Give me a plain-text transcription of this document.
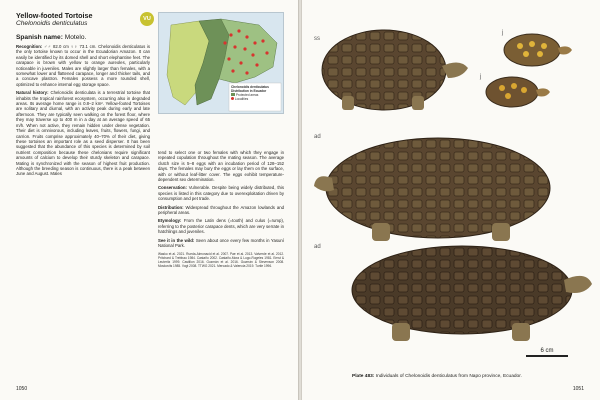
Yellow-footed Tortoise
Chelonoidis denticulatus
Spanish name: Motelo.
VU
Chelonoidis denticulatus Distribution in Ecuador
Protected areas
Localities

Recognition: ♂♂ 82.0 cm ♀♀ 73.1 cm. Chelonoidis denticulatus is the only tortoise known to occur in the Ecuadorian Amazon. It can easily be identified by its domed shell and short elephantine feet. The carapace is brown with yellow to orange aureoles, particularly noticeable in juveniles. Males are slightly larger than females, with a somewhat lower and flattened carapace, longer and thicker tails, and a concave plastron. Females possess a more rounded shell, optimized to enhance internal egg storage space.

Natural history: Chelonoidis denticulata is a terrestrial tortoise that inhabits the tropical rainforest ecosystem, occurring also in degraded areas. Its average home range is 0.8–2 km². Yellow-footed Tortoises are solitary and diurnal, with an activity peak during early and late afternoon. They are typically seen walking on the forest floor, where they may traverse up to 400 m in a day at an average speed of 65 m/h. When not active, they remain hidden under dense vegetation. Their diet is omnivorous, including leaves, fruits, flowers, fungi, and carrion. Fruits comprise approximately 40–70% of their diet, giving these tortoises an important role as a seed disperser. It has been suggested that the abundance of this species is determined by soil nutrient composition because these chelonians require significant amounts of calcium to develop their sturdy skeleton and carapace. Mating is synchronized with the season of highest fruit production. Although the breeding season is continuous, there is a peak between June and August. Males

tend to select one or two females with which they engage in repeated copulation throughout the mating season. The average clutch size is 5–8 eggs with an incubation period of 128–152 days. The females may bury the eggs or lay them on the surface, with or without leaf-litter cover. The eggs exhibit temperature-dependent sex determination.

Conservation: Vulnerable. Despite being widely distributed, this species is listed in this category due to overexploitation driven by consumption and pet trade.

Distribution: Widespread throughout the Amazon lowlands and peripheral areas.

Etymology: From the Latin dens (=tooth) and culus (=rump), referring to the posterior carapace dents, which are very serrate in hatchlings and juveniles.

See it in the wild: Seen about once every few months in Yasuní National Park.

Wasko et al. 2021. Rueda-Almonacid et al. 2007. Pae et al. 2013. Valverde et al. 2012. Pritchard & Trebbau 1984. Castaño 2002. Castaño-Mora & Lugo-Rugeles 1981. Ernst & Leuteritz 1999. Castillon 2016. Guzmán et al. 2016. Guzmán & Stevenson 2008. Moskovits 1985. Vogt 2008. TTWG 2021. Mercado & Valencia 2019. Turtle 1996.
1050
ss
j
j
ad
ad
6 cm
Plate 483: Individuals of Chelonoidis denticulatus from Napo province, Ecuador.
1051
